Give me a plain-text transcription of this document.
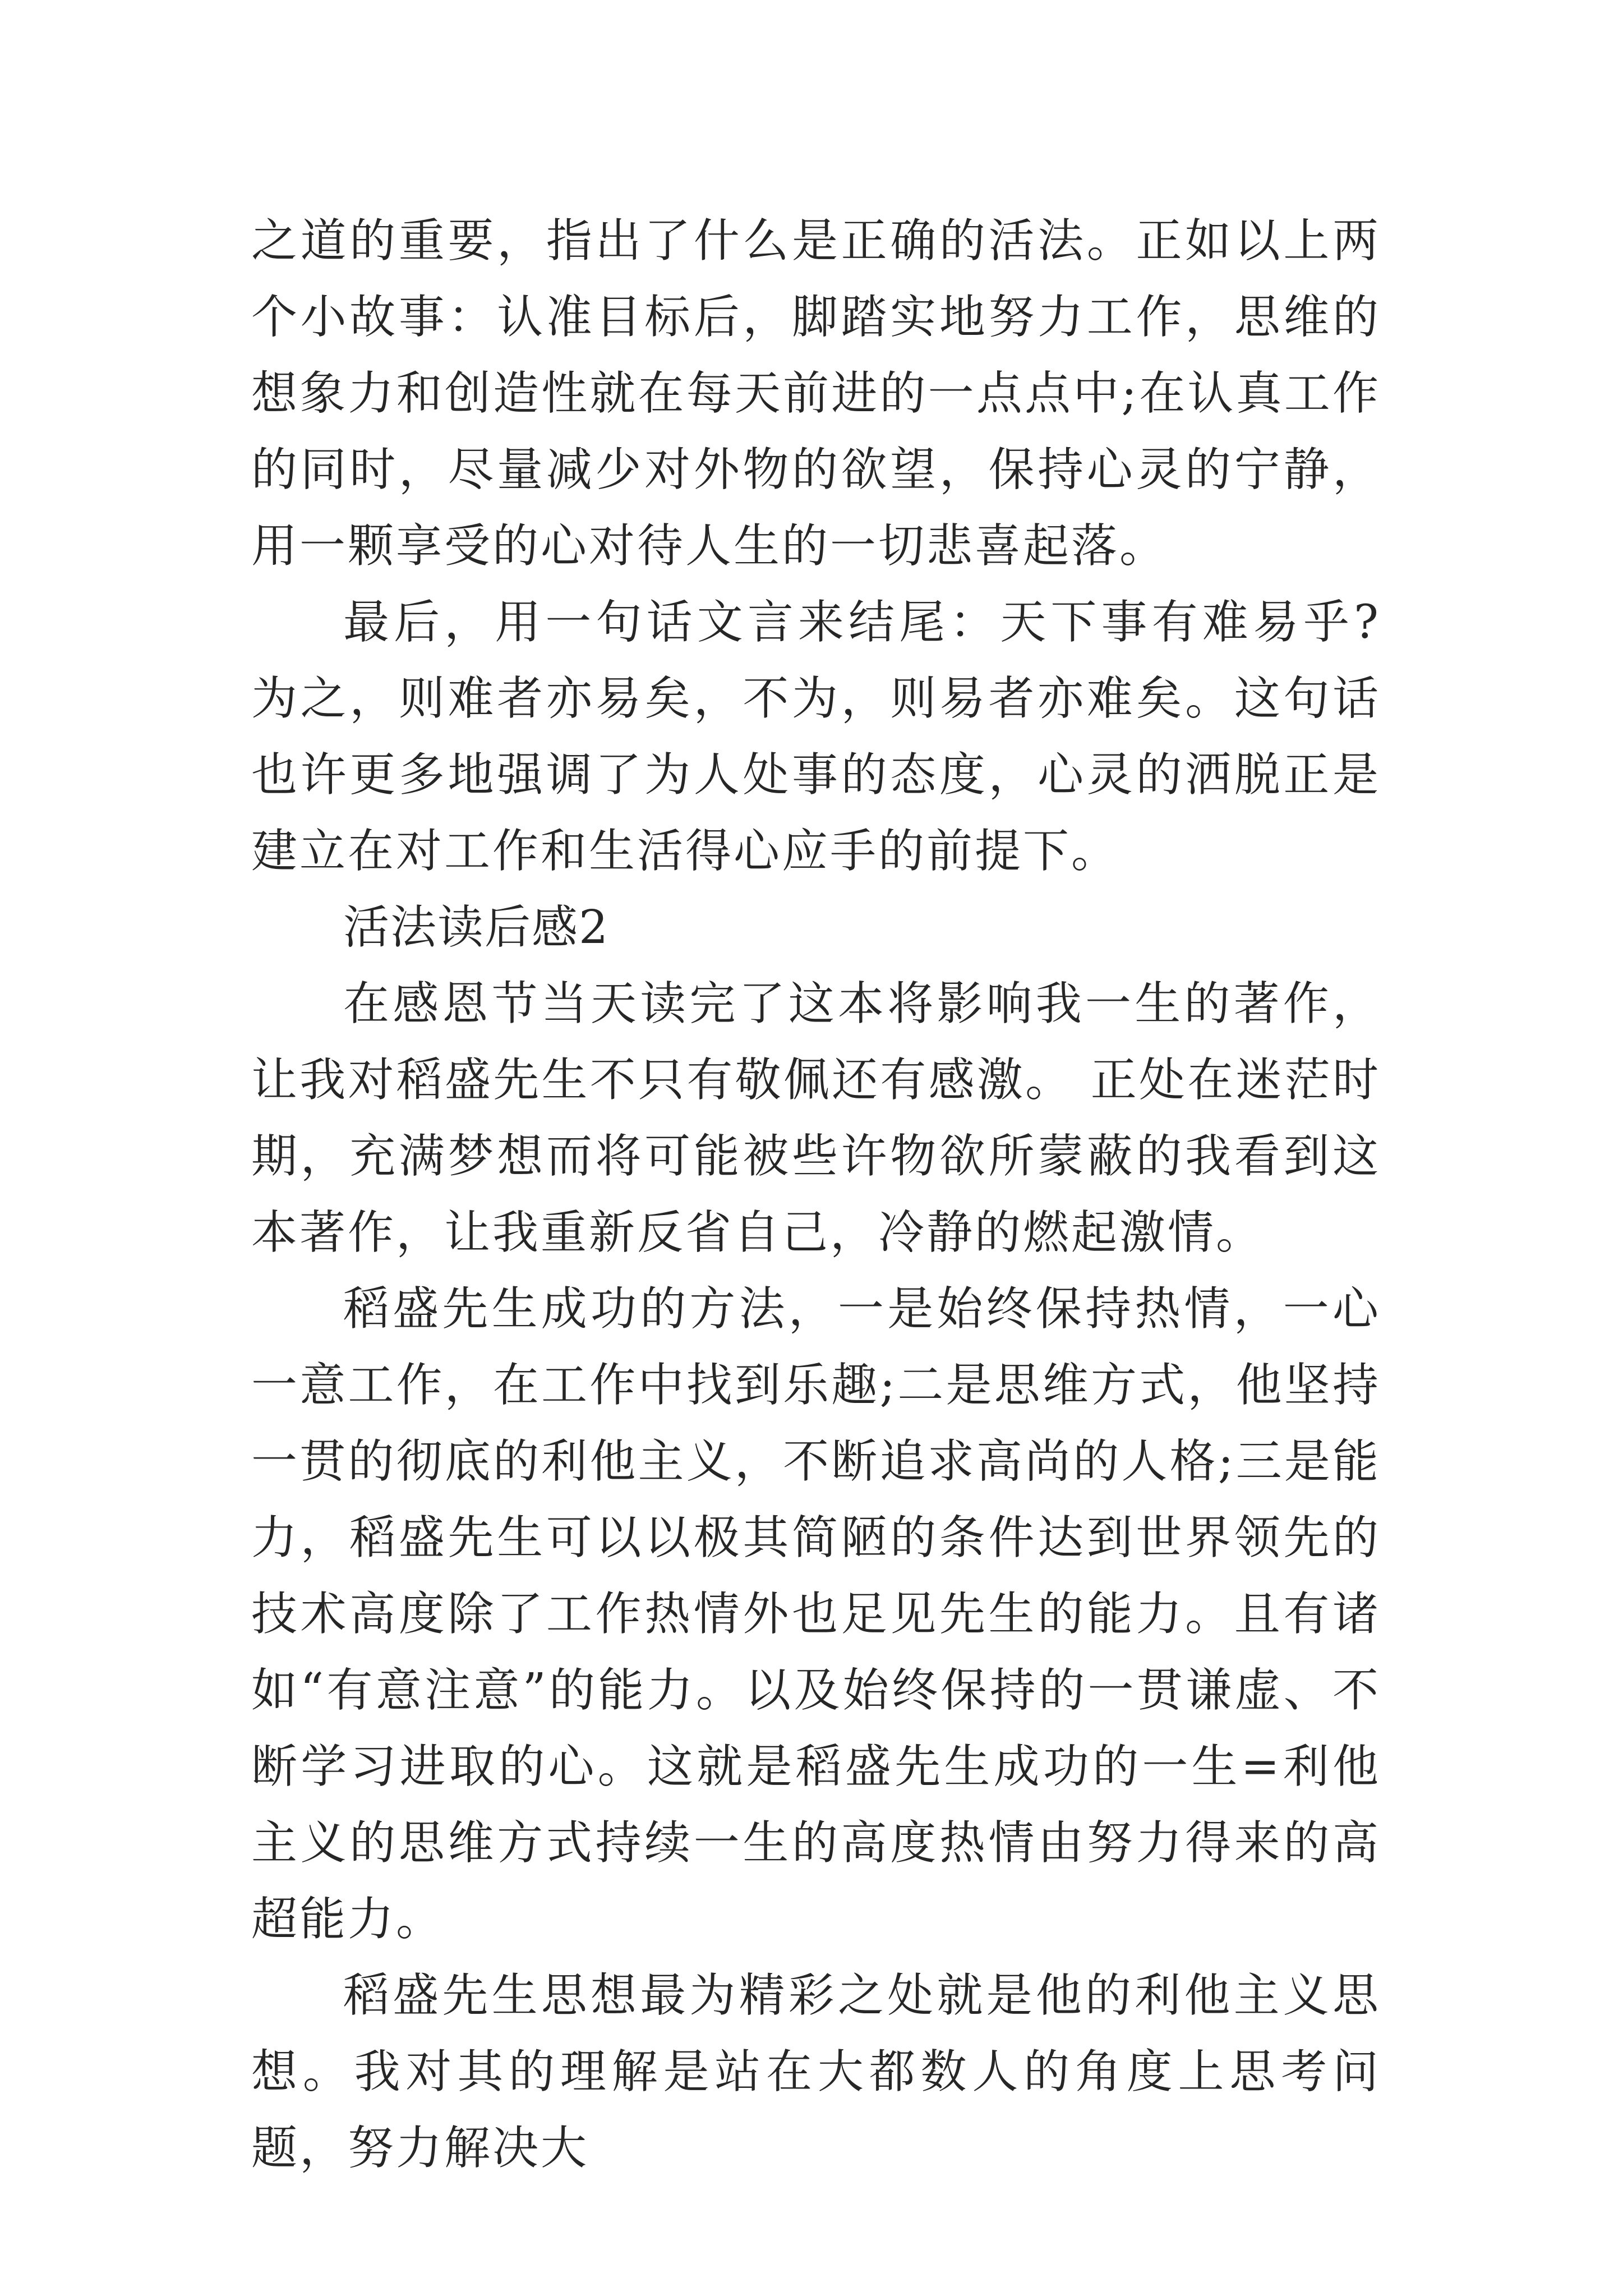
之道的重要，指出了什么是正确的活法。正如以上两个小故事：认准目标后，脚踏实地努力工作，思维的想象力和创造性就在每天前进的一点点中;在认真工作的同时，尽量减少对外物的欲望，保持心灵的宁静，用一颗享受的心对待人生的一切悲喜起落。

最后，用一句话文言来结尾：天下事有难易乎?为之，则难者亦易矣，不为，则易者亦难矣。这句话也许更多地强调了为人处事的态度，心灵的洒脱正是建立在对工作和生活得心应手的前提下。

活法读后感2

在感恩节当天读完了这本将影响我一生的著作，让我对稻盛先生不只有敬佩还有感激。 正处在迷茫时期，充满梦想而将可能被些许物欲所蒙蔽的我看到这本著作，让我重新反省自己，冷静的燃起激情。

稻盛先生成功的方法，一是始终保持热情，一心一意工作，在工作中找到乐趣;二是思维方式，他坚持一贯的彻底的利他主义，不断追求高尚的人格;三是能力，稻盛先生可以以极其简陋的条件达到世界领先的技术高度除了工作热情外也足见先生的能力。且有诸如“有意注意”的能力。以及始终保持的一贯谦虚、不断学习进取的心。这就是稻盛先生成功的一生=利他主义的思维方式持续一生的高度热情由努力得来的高超能力。

稻盛先生思想最为精彩之处就是他的利他主义思想。我对其的理解是站在大都数人的角度上思考问题，努力解决大
